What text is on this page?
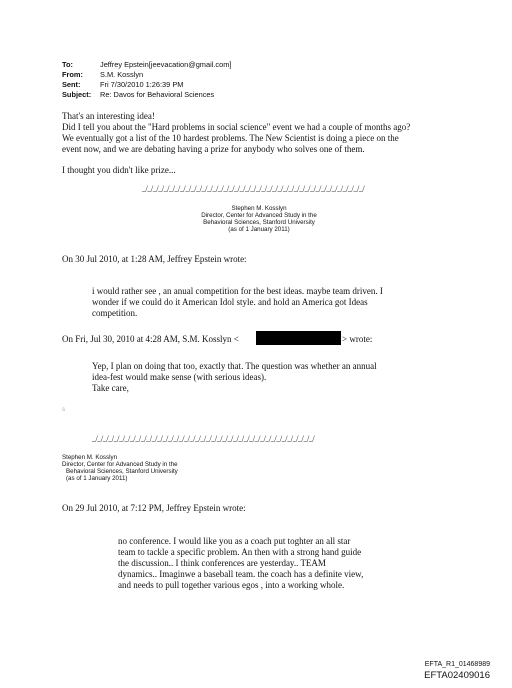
To:	Jeffrey Epstein[jeevacation@gmail.com]
From:	S.M. Kosslyn
Sent:	Fri 7/30/2010 1:26:39 PM
Subject:	Re: Davos for Behavioral Sciences
That's an interesting idea!
Did I tell you about the "Hard problems in social science" event we had a couple of months ago?
We eventually got a list of the 10 hardest problems. The New Scientist is doing a piece on the
event now, and we are debating having a prize for anybody who solves one of them.
I thought you didn't like prize...
_/_/_/_/_/_/_/_/_/_/_/_/_/_/_/_/_/_/_/_/_/_/_/_/_/_/_/_/_/_/_/_/_/_/_/_/_/_/_/_/_/
Stephen M. Kosslyn
Director, Center for Advanced Study in the
Behavioral Sciences, Stanford University
(as of 1 January 2011)
On 30 Jul 2010, at 1:28 AM, Jeffrey Epstein wrote:
i would rather see , an anual competition for the best ideas. maybe team driven. I
wonder if we could do it American Idol style. and hold an America got Ideas
competition.
On Fri, Jul 30, 2010 at 4:28 AM, S.M. Kosslyn <	> wrote:
Yep, I plan on doing that too, exactly that. The question was whether an annual
idea-fest would make sense (with serious ideas).
Take care,
s
_/_/_/_/_/_/_/_/_/_/_/_/_/_/_/_/_/_/_/_/_/_/_/_/_/_/_/_/_/_/_/_/_/_/_/_/_/_/_/_/_/
Stephen M. Kosslyn
Director, Center for Advanced Study in the
Behavioral Sciences, Stanford University
(as of 1 January 2011)
On 29 Jul 2010, at 7:12 PM, Jeffrey Epstein wrote:
no conference. I would like you as a coach put toghter an all star
team to tackle a specific problem. An then with a strong hand guide
the discussion.. I think conferences are yesterday.. TEAM
dynamics.. Imaginwe a baseball team. the coach has a definite view,
and needs to pull together various egos , into a working whole.
EFTA_R1_01468989
EFTA02409016
